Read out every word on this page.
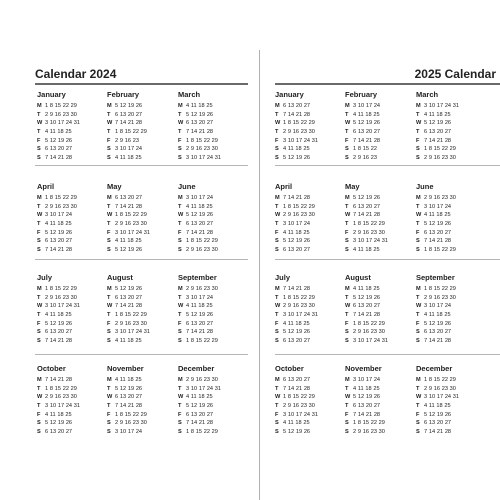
Calendar 2024
January
M 1 8 15 22 29
T 2 9 16 23 30
W 3 10 17 24 31
T 4 11 18 25
F 5 12 19 26
S 6 13 20 27
S 7 14 21 28
February
M 5 12 19 26
T 6 13 20 27
W 7 14 21 28
T 1 8 15 22 29
F 2 9 16 23
S 3 10 17 24
S 4 11 18 25
March
M 4 11 18 25
T 5 12 19 26
W 6 13 20 27
T 7 14 21 28
F 1 8 15 22 29
S 2 9 16 23 30
S 3 10 17 24 31
April
M 1 8 15 22 29
T 2 9 16 23 30
W 3 10 17 24
T 4 11 18 25
F 5 12 19 26
S 6 13 20 27
S 7 14 21 28
May
M 6 13 20 27
T 7 14 21 28
W 1 8 15 22 29
T 2 9 16 23 30
F 3 10 17 24 31
S 4 11 18 25
S 5 12 19 26
June
M 3 10 17 24
T 4 11 18 25
W 5 12 19 26
T 6 13 20 27
F 7 14 21 28
S 1 8 15 22 29
S 2 9 16 23 30
July
M 1 8 15 22 29
T 2 9 16 23 30
W 3 10 17 24 31
T 4 11 18 25
F 5 12 19 26
S 6 13 20 27
S 7 14 21 28
August
M 5 12 19 26
T 6 13 20 27
W 7 14 21 28
T 1 8 15 22 29
F 2 9 16 23 30
S 3 10 17 24 31
S 4 11 18 25
September
M 2 9 16 23 30
T 3 10 17 24
W 4 11 18 25
T 5 12 19 26
F 6 13 20 27
S 7 14 21 28
S 1 8 15 22 29
October
M 7 14 21 28
T 1 8 15 22 29
W 2 9 16 23 30
T 3 10 17 24 31
F 4 11 18 25
S 5 12 19 26
S 6 13 20 27
November
M 4 11 18 25
T 5 12 19 26
W 6 13 20 27
T 7 14 21 28
F 1 8 15 22 29
S 2 9 16 23 30
S 3 10 17 24
December
M 2 9 16 23 30
T 3 10 17 24 31
W 4 11 18 25
T 5 12 19 26
F 6 13 20 27
S 7 14 21 28
S 1 8 15 22 29
2025 Calendar
January
M 6 13 20 27
T 7 14 21 28
W 1 8 15 22 29
T 2 9 16 23 30
F 3 10 17 24 31
S 4 11 18 25
S 5 12 19 26
February
M 3 10 17 24
T 4 11 18 25
W 5 12 19 26
T 6 13 20 27
F 7 14 21 28
S 1 8 15 22
S 2 9 16 23
March
M 3 10 17 24 31
T 4 11 18 25
W 5 12 19 26
T 6 13 20 27
F 7 14 21 28
S 1 8 15 22 29
S 2 9 16 23 30
April
M 7 14 21 28
T 1 8 15 22 29
W 2 9 16 23 30
T 3 10 17 24
F 4 11 18 25
S 5 12 19 26
S 6 13 20 27
May
M 5 12 19 26
T 6 13 20 27
W 7 14 21 28
T 1 8 15 22 29
F 2 9 16 23 30
S 3 10 17 24 31
S 4 11 18 25
June
M 2 9 16 23 30
T 3 10 17 24
W 4 11 18 25
T 5 12 19 26
F 6 13 20 27
S 7 14 21 28
S 1 8 15 22 29
July
M 7 14 21 28
T 1 8 15 22 29
W 2 9 16 23 30
T 3 10 17 24 31
F 4 11 18 25
S 5 12 19 26
S 6 13 20 27
August
M 4 11 18 25
T 5 12 19 26
W 6 13 20 27
T 7 14 21 28
F 1 8 15 22 29
S 2 9 16 23 30
S 3 10 17 24 31
September
M 1 8 15 22 29
T 2 9 16 23 30
W 3 10 17 24
T 4 11 18 25
F 5 12 19 26
S 6 13 20 27
S 7 14 21 28
October
M 6 13 20 27
T 7 14 21 28
W 1 8 15 22 29
T 2 9 16 23 30
F 3 10 17 24 31
S 4 11 18 25
S 5 12 19 26
November
M 3 10 17 24
T 4 11 18 25
W 5 12 19 26
T 6 13 20 27
F 7 14 21 28
S 1 8 15 22 29
S 2 9 16 23 30
December
M 1 8 15 22 29
T 2 9 16 23 30
W 3 10 17 24 31
T 4 11 18 25
F 5 12 19 26
S 6 13 20 27
S 7 14 21 28
